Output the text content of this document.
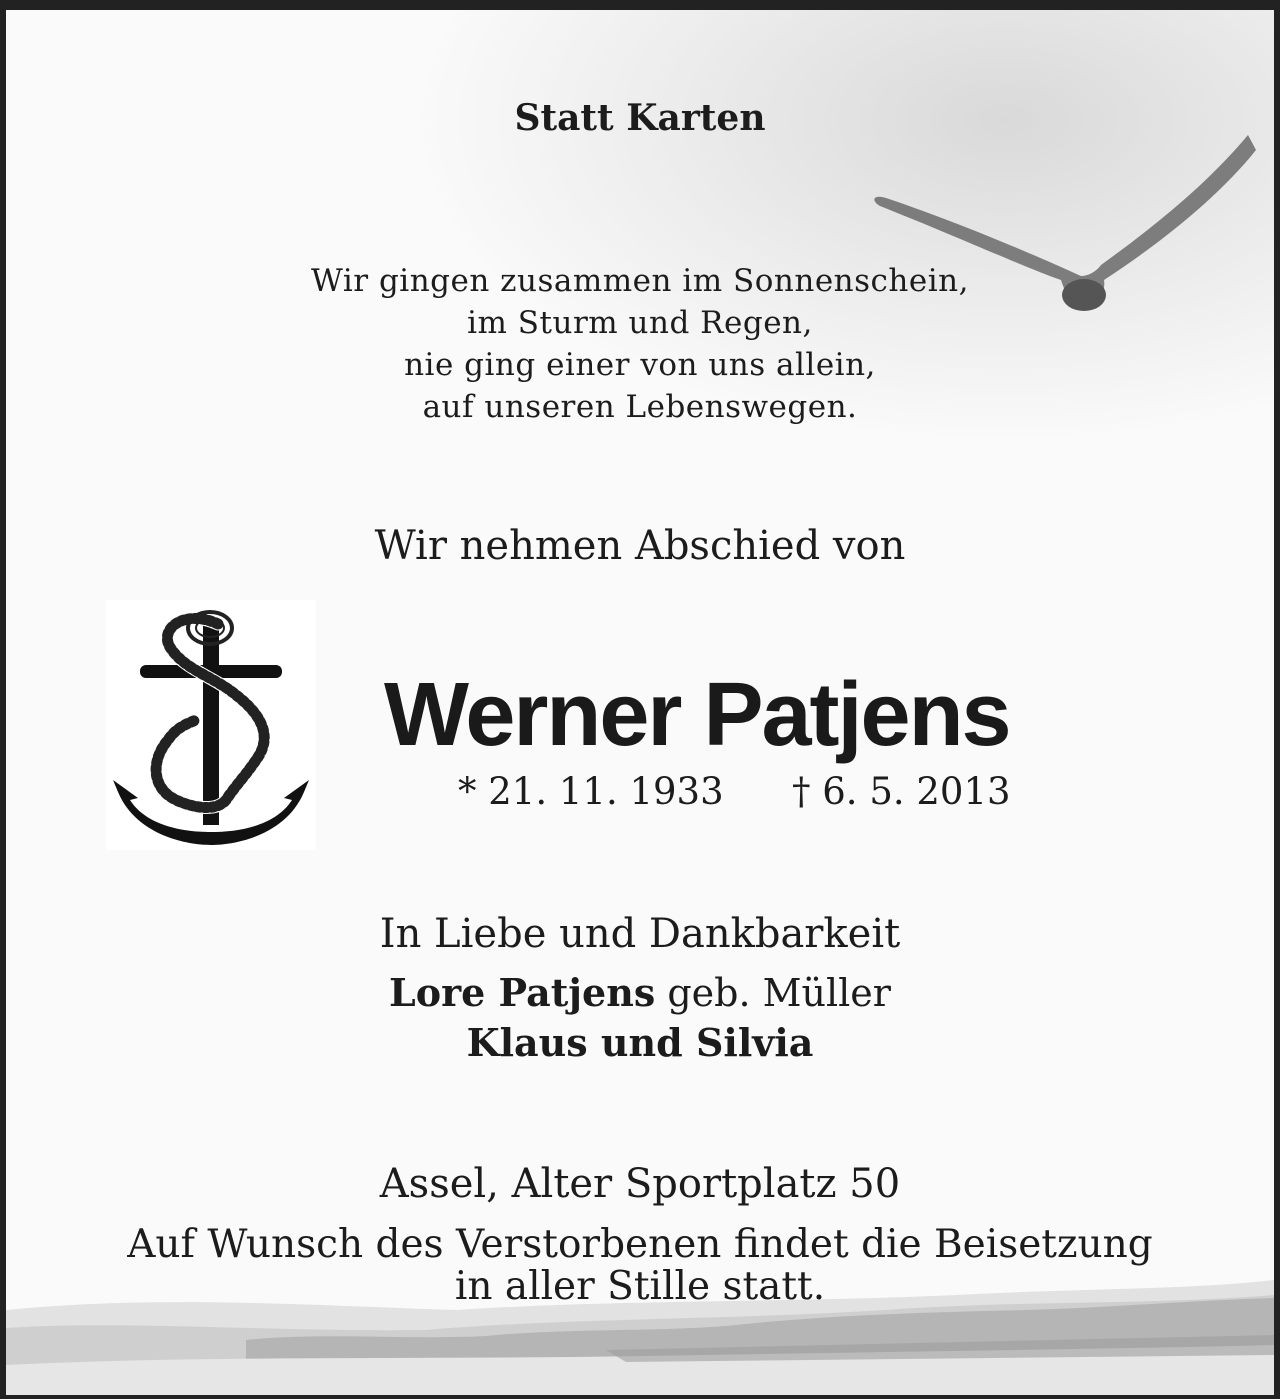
Statt Karten
Wir gingen zusammen im Sonnenschein,
im Sturm und Regen,
nie ging einer von uns allein,
auf unseren Lebenswegen.
Wir nehmen Abschied von
Werner Patjens
* 21. 11. 1933 † 6. 5. 2013
In Liebe und Dankbarkeit
Lore Patjens geb. Müller
Klaus und Silvia
Assel, Alter Sportplatz 50
Auf Wunsch des Verstorbenen findet die Beisetzung
in aller Stille statt.
